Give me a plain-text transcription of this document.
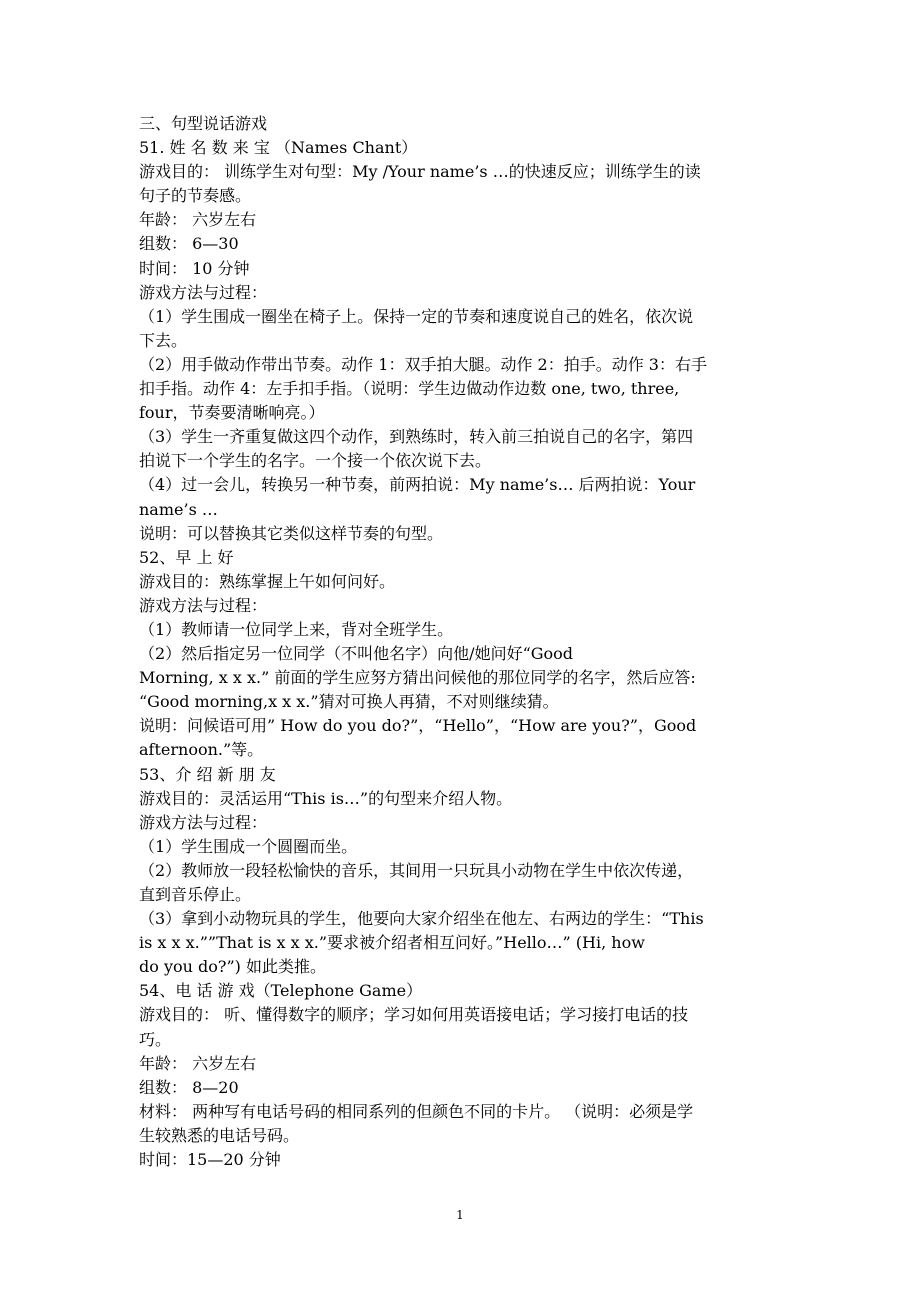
三、句型说话游戏
51. 姓 名 数 来 宝 （Names Chant）
游戏目的： 训练学生对句型：My /Your name’s …的快速反应；训练学生的读
句子的节奏感。
年龄： 六岁左右
组数： 6—30
时间： 10 分钟
游戏方法与过程：
（1）学生围成一圈坐在椅子上。保持一定的节奏和速度说自己的姓名，依次说
下去。
（2）用手做动作带出节奏。动作 1：双手拍大腿。动作 2：拍手。动作 3：右手
扣手指。动作 4：左手扣手指。（说明：学生边做动作边数 one, two, three,
four，节奏要清晰响亮。）
（3）学生一齐重复做这四个动作，到熟练时，转入前三拍说自己的名字，第四
拍说下一个学生的名字。一个接一个依次说下去。
（4）过一会儿，转换另一种节奏，前两拍说：My name’s… 后两拍说：Your
name’s …
说明：可以替换其它类似这样节奏的句型。
52、早 上 好
游戏目的：熟练掌握上午如何问好。
游戏方法与过程：
（1）教师请一位同学上来，背对全班学生。
（2）然后指定另一位同学（不叫他名字）向他/她问好“Good
Morning, x x x.” 前面的学生应努方猜出问候他的那位同学的名字，然后应答:
“Good morning,x x x.”猜对可换人再猜，不对则继续猜。
说明：问候语可用” How do you do?”，“Hello”，“How are you?”，Good
afternoon.”等。
53、介 绍 新 朋 友
游戏目的：灵活运用“This is…”的句型来介绍人物。
游戏方法与过程：
（1）学生围成一个圆圈而坐。
（2）教师放一段轻松愉快的音乐，其间用一只玩具小动物在学生中依次传递，
直到音乐停止。
（3）拿到小动物玩具的学生，他要向大家介绍坐在他左、右两边的学生：“This
is x x x.””That is x x x.”要求被介绍者相互问好。”Hello…” (Hi, how
do you do?”) 如此类推。
54、电 话 游 戏（Telephone Game）
游戏目的： 听、懂得数字的顺序；学习如何用英语接电话；学习接打电话的技
巧。
年龄： 六岁左右
组数： 8—20
材料： 两种写有电话号码的相同系列的但颜色不同的卡片。 （说明：必须是学
生较熟悉的电话号码。
时间：15—20 分钟
1
